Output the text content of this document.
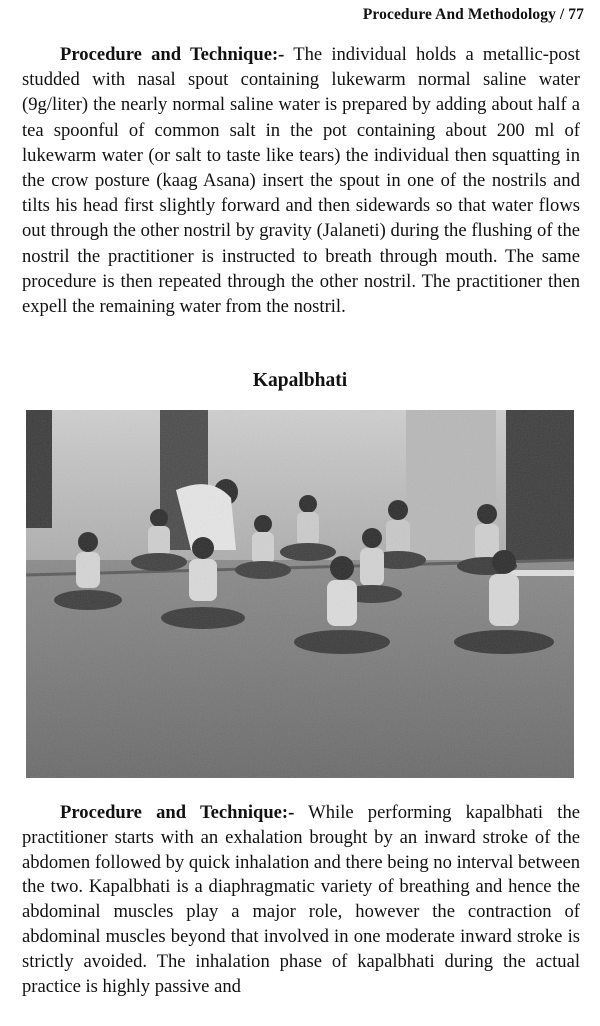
Procedure And Methodology / 77

Procedure and Technique:- The individual holds a metallic-post studded with nasal spout containing lukewarm normal saline water (9g/liter) the nearly normal saline water is prepared by adding about half a tea spoonful of common salt in the pot containing about 200 ml of lukewarm water (or salt to taste like tears) the individual then squatting in the crow posture (kaag Asana) insert the spout in one of the nostrils and tilts his head first slightly forward and then sidewards so that water flows out through the other nostril by gravity (Jalaneti) during the flushing of the nostril the practitioner is instructed to breath through mouth. The same procedure is then repeated through the other nostril. The practitioner then expell the remaining water from the nostril.

Kapalbhati

Procedure and Technique:- While performing kapalbhati the practitioner starts with an exhalation brought by an inward stroke of the abdomen followed by quick inhalation and there being no interval between the two. Kapalbhati is a diaphragmatic variety of breathing and hence the abdominal muscles play a major role, however the contraction of abdominal muscles beyond that involved in one moderate inward stroke is strictly avoided. The inhalation phase of kapalbhati during the actual practice is highly passive and
